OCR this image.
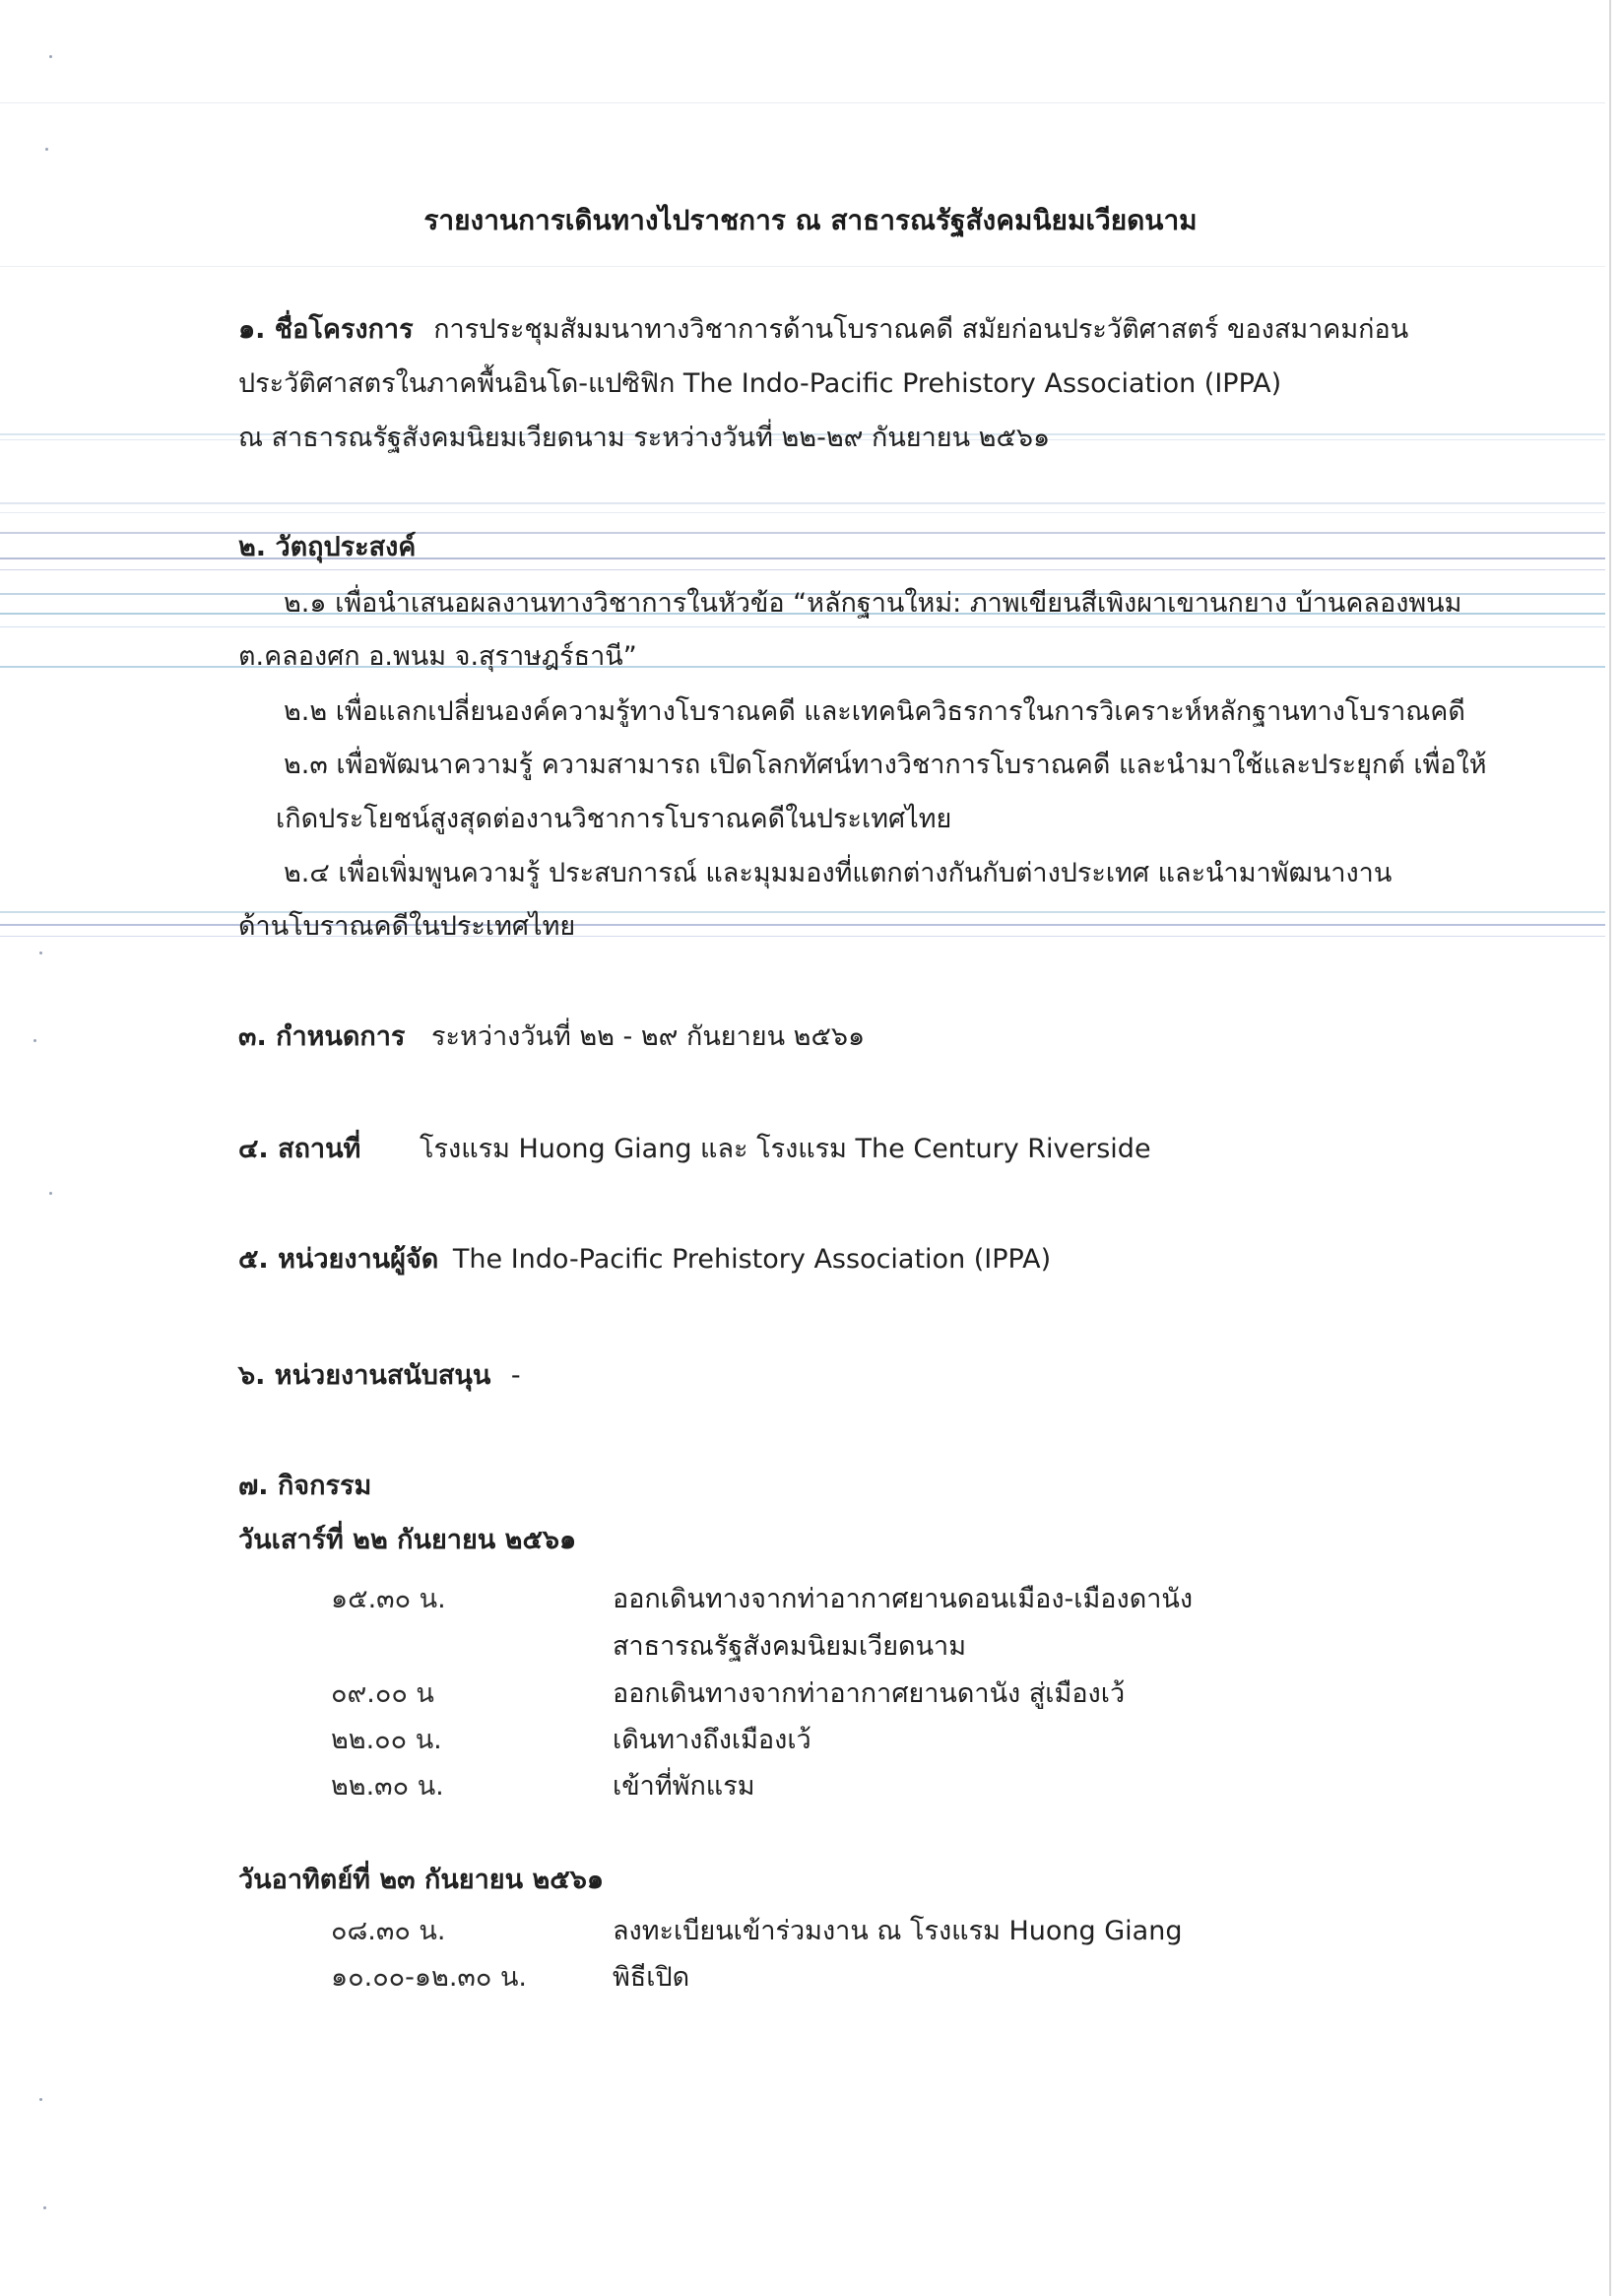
รายงานการเดินทางไปราชการ ณ สาธารณรัฐสังคมนิยมเวียดนาม
๑. ชื่อโครงการ การประชุมสัมมนาทางวิชาการด้านโบราณคดี สมัยก่อนประวัติศาสตร์ ของสมาคมก่อน
ประวัติศาสตรในภาคพื้นอินโด-แปซิฟิก The Indo-Pacific Prehistory Association (IPPA)
ณ สาธารณรัฐสังคมนิยมเวียดนาม ระหว่างวันที่ ๒๒-๒๙ กันยายน ๒๕๖๑
๒. วัตถุประสงค์
๒.๑ เพื่อนำเสนอผลงานทางวิชาการในหัวข้อ “หลักฐานใหม่: ภาพเขียนสีเพิงผาเขานกยาง บ้านคลองพนม
ต.คลองศก อ.พนม จ.สุราษฎร์ธานี”
๒.๒ เพื่อแลกเปลี่ยนองค์ความรู้ทางโบราณคดี และเทคนิควิธรการในการวิเคราะห์หลักฐานทางโบราณคดี
๒.๓ เพื่อพัฒนาความรู้ ความสามารถ เปิดโลกทัศน์ทางวิชาการโบราณคดี และนำมาใช้และประยุกต์ เพื่อให้
เกิดประโยชน์สูงสุดต่องานวิชาการโบราณคดีในประเทศไทย
๒.๔ เพื่อเพิ่มพูนความรู้ ประสบการณ์ และมุมมองที่แตกต่างกันกับต่างประเทศ และนำมาพัฒนางาน
ด้านโบราณคดีในประเทศไทย
๓. กำหนดการ ระหว่างวันที่ ๒๒ - ๒๙ กันยายน ๒๕๖๑
๔. สถานที่ โรงแรม Huong Giang และ โรงแรม The Century Riverside
๕. หน่วยงานผู้จัด The Indo-Pacific Prehistory Association (IPPA)
๖. หน่วยงานสนับสนุน -
๗. กิจกรรม
วันเสาร์ที่ ๒๒ กันยายน ๒๕๖๑
๑๕.๓๐ น.	ออกเดินทางจากท่าอากาศยานดอนเมือง-เมืองดานัง
สาธารณรัฐสังคมนิยมเวียดนาม
๐๙.๐๐ น	ออกเดินทางจากท่าอากาศยานดานัง สู่เมืองเว้
๒๒.๐๐ น.	เดินทางถึงเมืองเว้
๒๒.๓๐ น.	เข้าที่พักแรม
วันอาทิตย์ที่ ๒๓ กันยายน ๒๕๖๑
๐๘.๓๐ น.	ลงทะเบียนเข้าร่วมงาน ณ โรงแรม Huong Giang
๑๐.๐๐-๑๒.๓๐ น.	พิธีเปิด
